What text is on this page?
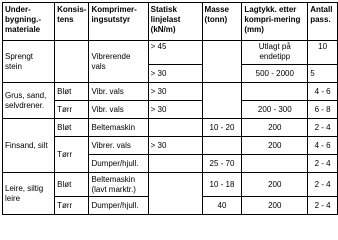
Under-bygning.-materiale	Konsis-tens	Komprimer-ingsutstyr	Statisk linjelast (kN/m)	Masse (tonn)	Lagtykk. etter kompri-mering (mm)	Antall pass.
Sprengt stein		Vibrerende vals	> 45		Utlagt på endetipp	10
			> 30		500 - 2000	5
Grus, sand, selvdrener.	Bløt	Vibr. vals	> 30			4 - 6
	Tørr	Vibr. vals	> 30		200 - 300	6 - 8
Finsand, silt	Bløt	Beltemaskin		10 - 20	200	2 - 4
	Tørr	Vibrer. vals	> 30		200	4 - 6
		Dumper/hjull.		25 - 70		2 - 4
Leire, siltig leire	Bløt	Beltemaskin (lavt marktr.)		10 - 18	200	2 - 4
	Tørr	Dumper/hjull.		40	200	2 - 4
